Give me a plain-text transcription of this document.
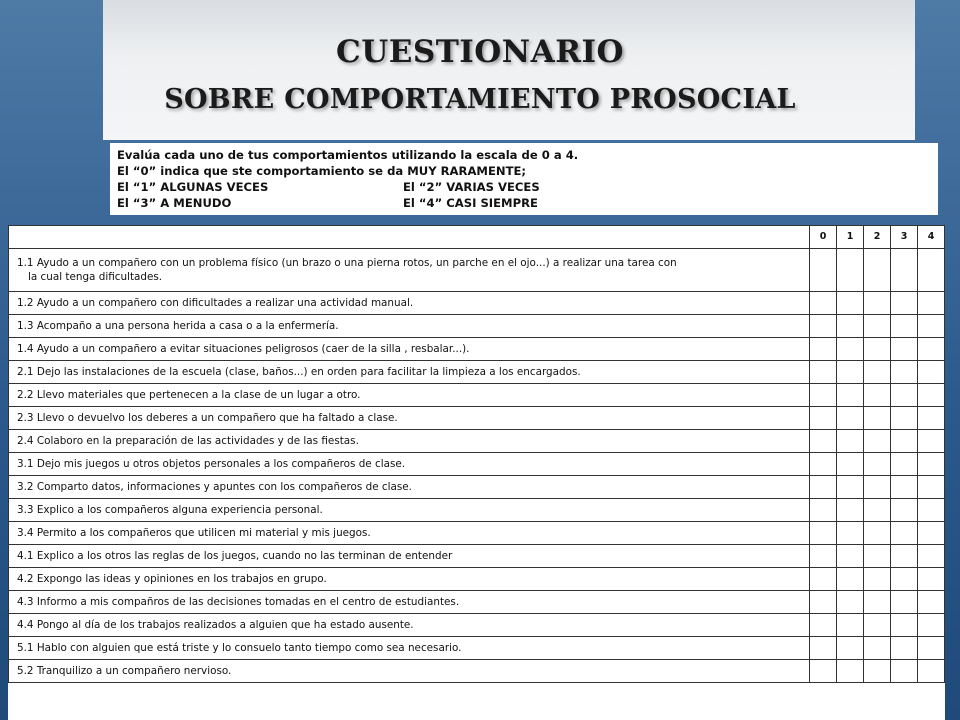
CUESTIONARIO
SOBRE COMPORTAMIENTO PROSOCIAL
Evalúa cada uno de tus comportamientos utilizando la escala de 0 a 4.
El “0” indica que ste comportamiento se da MUY RARAMENTE;
El “1” ALGUNAS VECES	El “2” VARIAS VECES
El “3” A MENUDO	El “4” CASI SIEMPRE
	0	1	2	3	4

1.1 Ayudo a un compañero con un problema físico (un brazo o una pierna rotos, un parche en el ojo...) a realizar una tarea con
la cual tenga dificultades.					

1.2 Ayudo a un compañero con dificultades a realizar una actividad manual.					

1.3 Acompaño a una persona herida a casa o a la enfermería.					

1.4 Ayudo a un compañero a evitar situaciones peligrosos (caer de la silla , resbalar...).					

2.1 Dejo las instalaciones de la escuela (clase, baños...) en orden para facilitar la limpieza a los encargados.					

2.2 Llevo materiales que pertenecen a la clase de un lugar a otro.					

2.3 Llevo o devuelvo los deberes a un compañero que ha faltado a clase.					

2.4 Colaboro en la preparación de las actividades y de las fiestas.					

3.1 Dejo mis juegos u otros objetos personales a los compañeros de clase.					

3.2 Comparto datos, informaciones y apuntes con los compañeros de clase.					

3.3 Explico a los compañeros alguna experiencia personal.					

3.4 Permito a los compañeros que utilicen mi material y mis juegos.					

4.1 Explico a los otros las reglas de los juegos, cuando no las terminan de entender					

4.2 Expongo las ideas y opiniones en los trabajos en grupo.					

4.3 Informo a mis compañros de las decisiones tomadas en el centro de estudiantes.					

4.4 Pongo al día de los trabajos realizados a alguien que ha estado ausente.					

5.1 Hablo con alguien que está triste y lo consuelo tanto tiempo como sea necesario.					

5.2 Tranquilizo a un compañero nervioso.					
